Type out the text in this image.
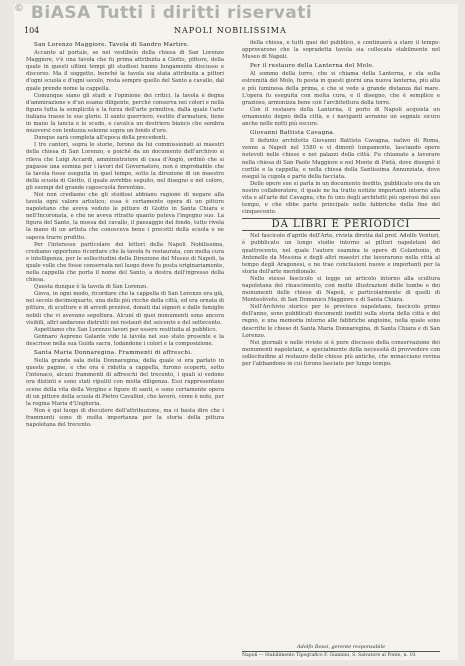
© BiASA Tutti i diritti riservati
104	NAPOLI NOBILISSIMA
San Lorenzo Maggiore. Tavola di Sandro Martire.

Accanto al portale, se nel vestibolo della chiesa di San Lorenzo Maggiore, v'è una tavola che fu prima attribuita a Giotto, pittore, della quale in questi ultimi tempi gli studiosi hanno lungamente discusso e discorso. Ma il soggetto, benché la tavola sia stata attribuita a pittori d'ogni scuola e d'ogni secolo, resta sempre quello del Santo a cavallo, dal quale prende nome la cappella.

Comunque siano gli studi e l'opinione dei critici, la tavola è degna d'ammirazione e d'un esame diligente, perché conserva nei colori e nella figura tutta la semplicità e la forza dell'arte primitiva, dalla quale l'arte italiana trasse le sue glorie. Il santo guerriero, vestito d'armatura, tiene in mano la lancia e lo scudo, e cavalca un destriero bianco che sembra muoversi con lentezza solenne sopra un fondo d'oro.

Dunque sarà completa all'epoca della precedenti.

I tre cantori, sopra le storie, furono da lui commissionati ai maestri della chiesa di San Lorenzo, e poiché da un documento dell'archivio si rileva che Luigi Accardi, amministratore di casa d'Angiò, ordinò che si pagasse una somma per i lavori del Governatore, non è improbabile che la tavola fosse eseguita in quel tempo, sotto la direzione di un maestro della scuola di Giotto, il quale avrebbe seguito, nel disegno e nel colore, gli esempi del grande caposcuola fiorentino.

Noi non crediamo che gli studiosi abbiano ragione di negare alla tavola ogni valore artistico; essa è certamente opera di un pittore napoletano che aveva veduto le pitture di Giotto in Santa Chiara e nell'Incoronata, e che ne aveva ritratto quanto poteva l'ingegno suo. La figura del Santo, la mossa del cavallo, il paesaggio del fondo, tutto rivela la mano di un artista che conosceva bene i precetti della scuola e ne sapeva trarre profitto.

Per l'interesse particolare dei lettori della Napoli Nobilissima, crediamo opportuno ricordare che la tavola fu restaurata, con molta cura e intelligenza, per le sollecitudini della Direzione del Museo di Napoli, la quale volle che fosse conservata nel luogo dove fu posta originariamente, nella cappella che porta il nome del Santo, a destra dell'ingresso della chiesa.

Questa dunque è la tavola di San Lorenzo.

Giova, in ogni modo, ricordare che la cappella di San Lorenzo era già, nel secolo decimoquarto, una delle più ricche della città, ed era ornata di pitture, di sculture e di arredi preziosi, donati dai signori e dalle famiglie nobili che vi avevano sepoltura. Alcuni di quei monumenti sono ancora visibili, altri andarono distrutti nei restauri del seicento e del settecento.

Aspettiamo che San Lorenzo lavori per essere restituita al pubblico.

Gennaro Aspreno Galante vide la tavola nel suo stato presente e la descrisse nella sua Guida sacra, lodandone i colori e la composizione.

Santa Maria Donnaregina. Frammenti di affreschi.

Nella grande sala della Donnaregina, della quale si era parlato in queste pagine, e che ora è ridotta a cappella, furono scoperti, sotto l'intonaco, alcuni frammenti di affreschi del trecento, i quali si vedono ora distinti e sono stati ripuliti con molta diligenza. Essi rappresentano scene della vita della Vergine e figure di santi, e sono certamente opera di un pittore della scuola di Pietro Cavallini, che lavorò, come è noto, per la regina Maria d'Ungheria.

Non è qui luogo di discutere dell'attribuzione, ma ci basta dire che i frammenti sono di molta importanza per la storia della pittura napoletana del trecento.

della chiesa, e tutti quei del pubblico, e continuerà a stare il tempo: approvarono che la sopradetta tavola sia collocata stabilmente nel Museo di Napoli.

Per il restauro della Lanterna del Molo.

Al sommo della torre, che si chiama della Lanterna, e sta sulla estremità del Molo, fu posta in questi giorni una nuova lanterna, più alta e più luminosa della prima, e che si vede a grande distanza dal mare. L'opera fu eseguita con molta cura, e il disegno, che è semplice e grazioso, armonizza bene con l'architettura della torre.

Con il restauro della Lanterna, il porto di Napoli acquista un ornamento degno della città, e i naviganti avranno un segnale sicuro anche nelle notti più oscure.

Giovanni Battista Cavagna.

Il defunto architetto Giovanni Battista Cavagna, nativo di Roma, venne a Napoli nel 1580 e vi dimorò lungamente, lasciando opere notevoli nelle chiese e nei palazzi della città. Fu chiamato a lavorare nella chiesa di San Paolo Maggiore e nel Monte di Pietà, dove disegnò il cortile e la cappella, e nella chiesa della Santissima Annunziata, dove eseguì la cupola e parte della facciata.

Delle opere sue si parla in un documento inedito, pubblicato ora da un nostro collaboratore, il quale ne ha tratto notizie importanti intorno alla vita e all'arte del Cavagna, che fu uno degli architetti più operosi del suo tempo, e che ebbe parte principale nelle fabbriche della fine del cinquecento.

DA LIBRI E PERIODICI

Nel fascicolo d'aprile dell'Arte, rivista diretta dal prof. Adolfo Venturi, è pubblicato un lungo studio intorno ai pittori napoletani del quattrocento, nel quale l'autore esamina le opere di Colantonio, di Antonello da Messina e degli altri maestri che lavorarono nella città al tempo degli Aragonesi, e ne trae conclusioni nuove e importanti per la storia dell'arte meridionale.

Nello stesso fascicolo si legge un articolo intorno alla scultura napoletana del rinascimento, con molte illustrazioni delle tombe e dei monumenti delle chiese di Napoli, e particolarmente di quelli di Monteoliveto, di San Domenico Maggiore e di Santa Chiara.

Nell'Archivio storico per le province napoletane, fascicolo primo dell'anno, sono pubblicati documenti inediti sulla storia della città e del regno, e una memoria intorno alle fabbriche angioine, nella quale sono descritte le chiese di Santa Maria Donnaregina, di Santa Chiara e di San Lorenzo.

Nei giornali e nelle riviste si è pure discusso della conservazione dei monumenti napoletani, e specialmente della necessità di provvedere con sollecitudine al restauro delle chiese più antiche, che minacciano rovina per l'abbandono in cui furono lasciate per lungo tempo.

Adolfo Rossi, gerente responsabile
Napoli — Stabilimento Tipografico F. Giannini, S. Salvatore al Ponte, n. 10.
